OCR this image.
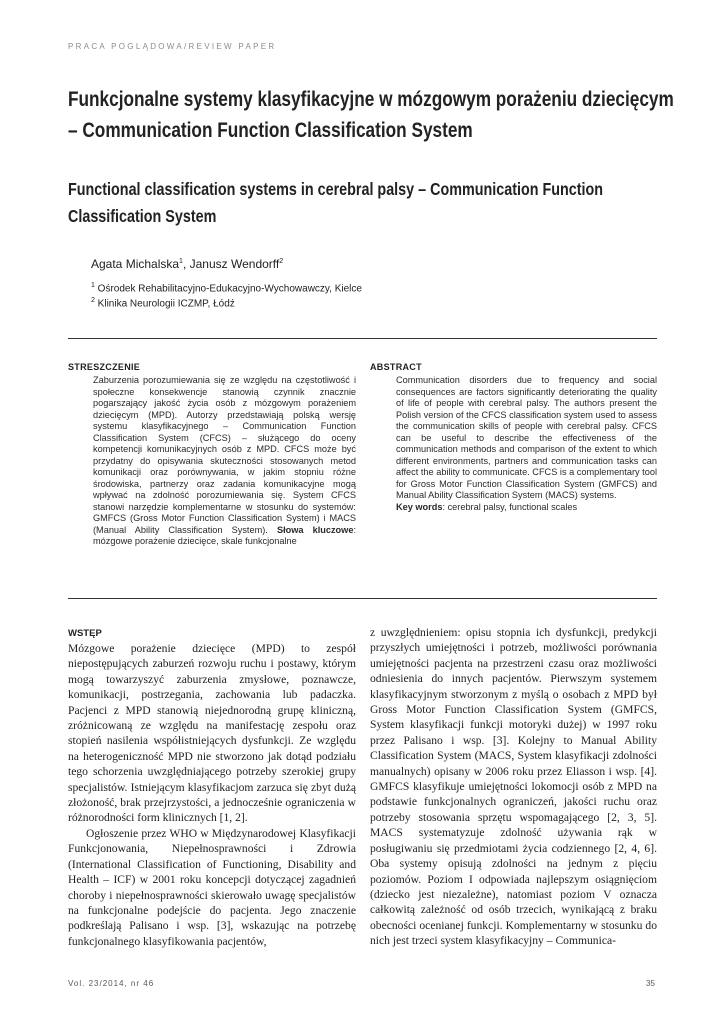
PRACA POGLĄDOWA/REVIEW PAPER
Funkcjonalne systemy klasyfikacyjne w mózgowym porażeniu dziecięcym
– Communication Function Classification System
Functional classification systems in cerebral palsy – Communication Function
Classification System
Agata Michalska$^1$, Janusz Wendorff$^2$
$^1$ Ośrodek Rehabilitacyjno-Edukacyjno-Wychowawczy, Kielce
$^2$ Klinika Neurologii ICZMP, Łódź
STRESZCZENIE
Zaburzenia porozumiewania się ze względu na częstotliwość i społeczne konsekwencje stanowią czynnik znacznie pogarszający jakość życia osób z mózgowym porażeniem dziecięcym (MPD). Autorzy przedstawiają polską wersję systemu klasyfikacyjnego – Communication Function Classification System (CFCS) – służącego do oceny kompetencji komunikacyjnych osób z MPD. CFCS może być przydatny do opisywania skuteczności stosowanych metod komunikacji oraz porównywania, w jakim stopniu różne środowiska, partnerzy oraz zadania komunikacyjne mogą wpływać na zdolność porozumiewania się. System CFCS stanowi narzędzie komplementarne w stosunku do systemów: GMFCS (Gross Motor Function Classification System) i MACS (Manual Ability Classification System). Słowa kluczowe: mózgowe porażenie dziecięce, skale funkcjonalne
ABSTRACT
Communication disorders due to frequency and social consequences are factors significantly deteriorating the quality of life of people with cerebral palsy. The authors present the Polish version of the CFCS classification system used to assess the communication skills of people with cerebral palsy. CFCS can be useful to describe the effectiveness of the communication methods and comparison of the extent to which different environments, partners and communication tasks can affect the ability to communicate. CFCS is a complementary tool for Gross Motor Function Classification System (GMFCS) and Manual Ability Classification System (MACS) systems.
Key words: cerebral palsy, functional scales
WSTĘP

Mózgowe porażenie dziecięce (MPD) to zespół niepostępujących zaburzeń rozwoju ruchu i postawy, którym mogą towarzyszyć zaburzenia zmysłowe, poznawcze, komunikacji, postrzegania, zachowania lub padaczka. Pacjenci z MPD stanowią niejednorodną grupę kliniczną, zróżnicowaną ze względu na manifestację zespołu oraz stopień nasilenia współistniejących dysfunkcji. Ze względu na heterogeniczność MPD nie stworzono jak dotąd podziału tego schorzenia uwzględniającego potrzeby szerokiej grupy specjalistów. Istniejącym klasyfikacjom zarzuca się zbyt dużą złożoność, brak przejrzystości, a jednocześnie ograniczenia w różnorodności form klinicznych [1, 2].

Ogłoszenie przez WHO w Międzynarodowej Klasyfikacji Funkcjonowania, Niepełnosprawności i Zdrowia (International Classification of Functioning, Disability and Health – ICF) w 2001 roku koncepcji dotyczącej zagadnień choroby i niepełnosprawności skierowało uwagę specjalistów na funkcjonalne podejście do pacjenta. Jego znaczenie podkreślają Palisano i wsp. [3], wskazując na potrzebę funkcjonalnego klasyfikowania pacjentów,

z uwzględnieniem: opisu stopnia ich dysfunkcji, predykcji przyszłych umiejętności i potrzeb, możliwości porównania umiejętności pacjenta na przestrzeni czasu oraz możliwości odniesienia do innych pacjentów. Pierwszym systemem klasyfikacyjnym stworzonym z myślą o osobach z MPD był Gross Motor Function Classification System (GMFCS, System klasyfikacji funkcji motoryki dużej) w 1997 roku przez Palisano i wsp. [3]. Kolejny to Manual Ability Classification System (MACS, System klasyfikacji zdolności manualnych) opisany w 2006 roku przez Eliasson i wsp. [4]. GMFCS klasyfikuje umiejętności lokomocji osób z MPD na podstawie funkcjonalnych ograniczeń, jakości ruchu oraz potrzeby stosowania sprzętu wspomagającego [2, 3, 5]. MACS systematyzuje zdolność używania rąk w posługiwaniu się przedmiotami życia codziennego [2, 4, 6]. Oba systemy opisują zdolności na jednym z pięciu poziomów. Poziom I odpowiada najlepszym osiągnięciom (dziecko jest niezależne), natomiast poziom V oznacza całkowitą zależność od osób trzecich, wynikającą z braku obecności ocenianej funkcji. Komplementarny w stosunku do nich jest trzeci system klasyfikacyjny – Communica-

Vol. 23/2014, nr 46	35
